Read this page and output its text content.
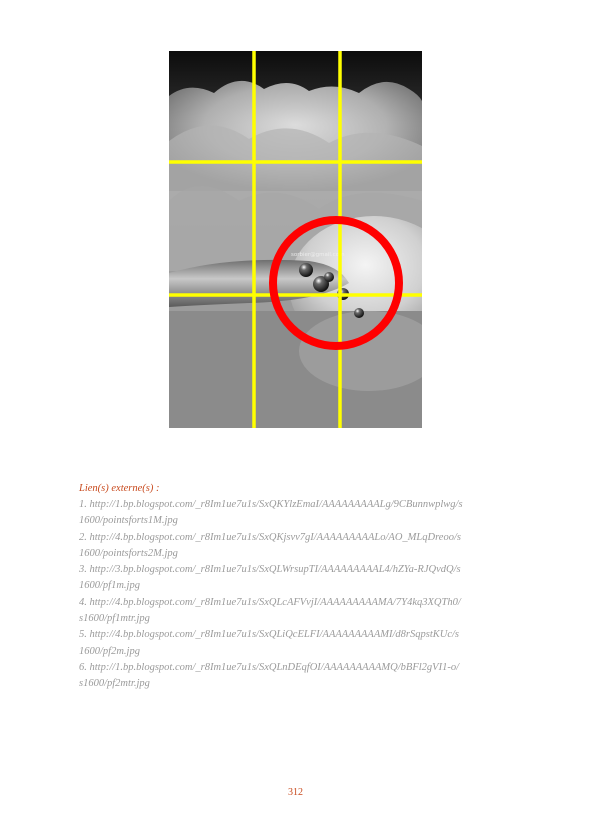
sorbier@gmail.com

Lien(s) externe(s) :

1. http://1.bp.blogspot.com/_r8Im1ue7u1s/SxQKYlzEmaI/AAAAAAAAALg/9CBunnwplwg/s1600/pointsforts1M.jpg
2. http://4.bp.blogspot.com/_r8Im1ue7u1s/SxQKjsvv7gI/AAAAAAAAALo/AO_MLqDreoo/s1600/pointsforts2M.jpg
3. http://3.bp.blogspot.com/_r8Im1ue7u1s/SxQLWrsupTI/AAAAAAAAAL4/hZYa-RJQvdQ/s1600/pf1m.jpg
4. http://4.bp.blogspot.com/_r8Im1ue7u1s/SxQLcAFVvjI/AAAAAAAAAMA/7Y4kq3XQTh0/s1600/pf1mtr.jpg
5. http://4.bp.blogspot.com/_r8Im1ue7u1s/SxQLiQcELFI/AAAAAAAAAMI/d8rSqpstKUc/s1600/pf2m.jpg
6. http://1.bp.blogspot.com/_r8Im1ue7u1s/SxQLnDEqfOI/AAAAAAAAAMQ/bBFl2gVI1-o/s1600/pf2mtr.jpg
312
